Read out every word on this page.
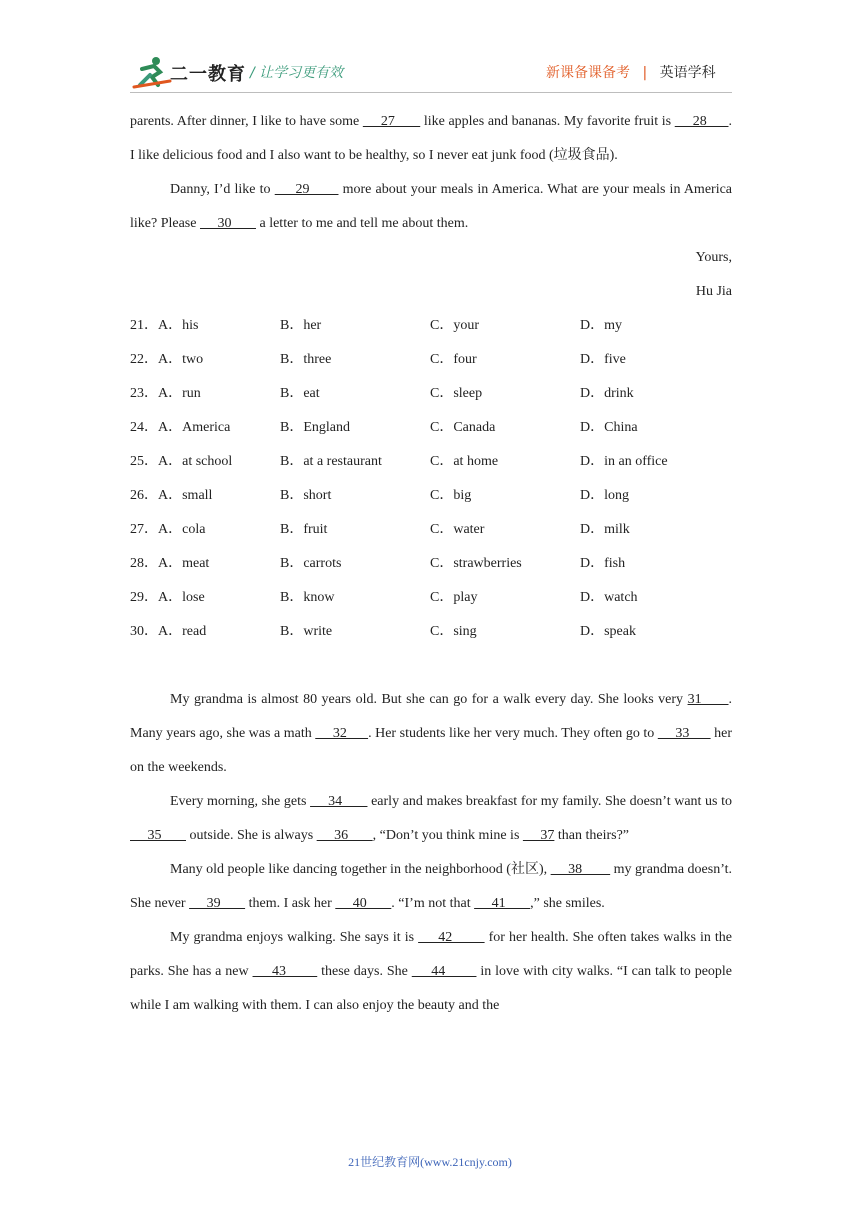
二一教育 / 让学习更有效	新课备课备考 | 英语学科

parents. After dinner, I like to have some      27        like apples and bananas. My favorite fruit is      28      . I like delicious food and I also want to be healthy, so I never eat junk food (垃圾食品).

Danny, I’d like to      29        more about your meals in America. What are your meals in America like? Please      30        a letter to me and tell me about them.

Yours,
Hu Jia
21．A．his	B．her	C．your	D．my
22．A．two	B．three	C．four	D．five
23．A．run	B．eat	C．sleep	D．drink
24．A．America	B．England	C．Canada	D．China
25．A．at school	B．at a restaurant	C．at home	D．in an office
26．A．small	B．short	C．big	D．long
27．A．cola	B．fruit	C．water	D．milk
28．A．meat	B．carrots	C．strawberries	D．fish
29．A．lose	B．know	C．play	D．watch
30．A．read	B．write	C．sing	D．speak

My grandma is almost 80 years old. But she can go for a walk every day. She looks very 31      . Many years ago, she was a math      32      . Her students like her very much. They often go to      33       her on the weekends.

Every morning, she gets      34        early and makes breakfast for my family. She doesn’t want us to      35        outside. She is always      36       , “Don’t you think mine is      37 than theirs?”

Many old people like dancing together in the neighborhood (社区),      38         my grandma doesn’t. She never      39        them. I ask her      40       . “I’m not that      41       ,” she smiles.

My grandma enjoys walking. She says it is      42         for her health. She often takes walks in the parks. She has a new      43         these days. She      44         in love with city walks. “I can talk to people while I am walking with them. I can also enjoy the beauty and the

21世纪教育网(www.21cnjy.com)
